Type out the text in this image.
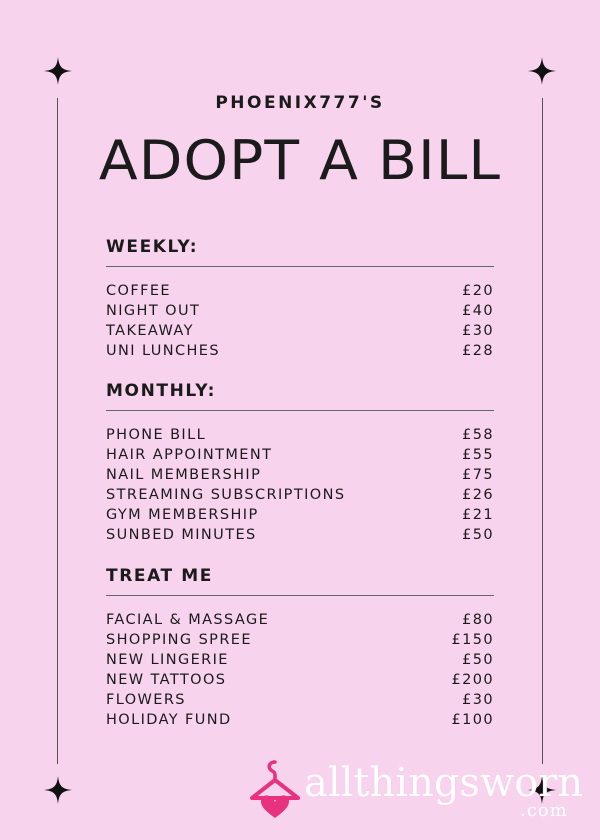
PHOENIX777'S
ADOPT A BILL
WEEKLY:
COFFEE	£20
NIGHT OUT	£40
TAKEAWAY	£30
UNI LUNCHES	£28
MONTHLY:
PHONE BILL	£58
HAIR APPOINTMENT	£55
NAIL MEMBERSHIP	£75
STREAMING SUBSCRIPTIONS	£26
GYM MEMBERSHIP	£21
SUNBED MINUTES	£50
TREAT ME
FACIAL & MASSAGE	£80
SHOPPING SPREE	£150
NEW LINGERIE	£50
NEW TATTOOS	£200
FLOWERS	£30
HOLIDAY FUND	£100
allthingsworn
.com
